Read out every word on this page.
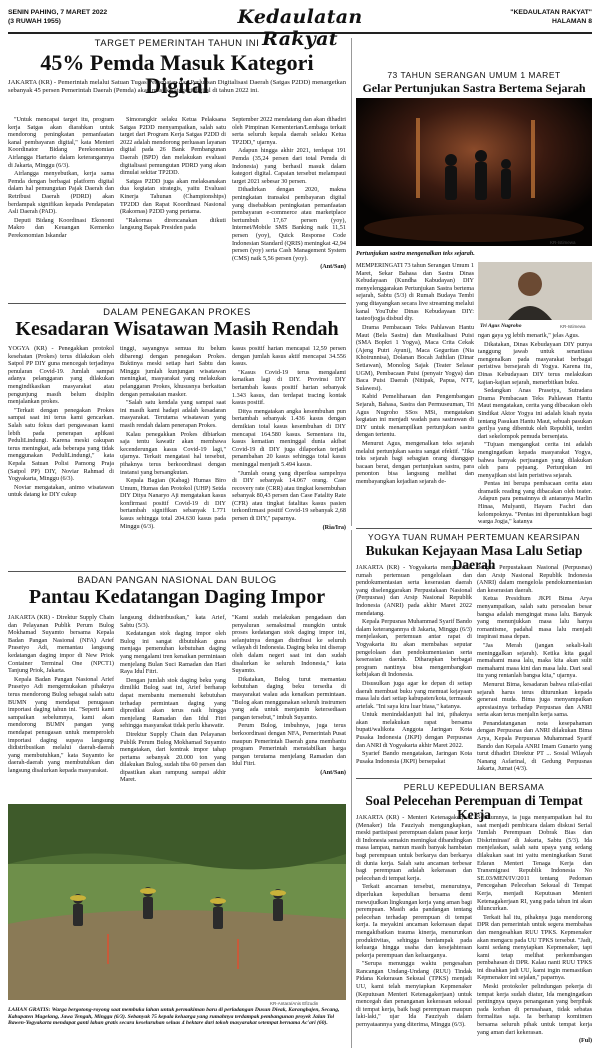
SENIN PAHING, 7 MARET 2022
(3 RUWAH 1955)	Kedaulatan Rakyat
"KEDAULATAN RAKYAT"
HALAMAN 8
TARGET PEMERINTAH TAHUN INI
45% Pemda Masuk Kategori Digital

JAKARTA (KR) - Pemerintah melalui Satuan Tugas Percepatan dan Perluasan Digitalisasi Daerah (Satgas P2DD) menargetkan sebanyak 45 persen Pemerintah Daerah (Pemda) akan masuk kategori digital di tahun 2022 ini.

"Untuk mencapai target itu, program kerja Satgas akan diarahkan untuk mendorong peningkatan pemanfaatan kanal pembayaran digital," kata Menteri Koordinator Bidang Perekonomian Airlangga Hartarto dalam keterangannya di Jakarta, Minggu (6/3).

Airlangga menyebutkan, kerja sama Pemda dengan berbagai platform digital dalam hal pemungutan Pajak Daerah dan Retribusi Daerah (PDRD) akan berdampak signifikan kepada Pendapatan Asli Daerah (PAD).

Deputi Bidang Koordinasi Ekonomi Makro dan Keuangan Kemenko Perekonomian Iskandar

Simorangkir selaku Ketua Pelaksana Satgas P2DD menyampaikan, salah satu target dari Program Kerja Satgas P2DD di 2022 adalah mendorong perluasan layanan digital pada 26 Bank Pembangunan Daerah (BPD) dan melakukan evaluasi digitalisasi pemungutan PDRD yang akan dimulai sekitar TP2DD.

Satgas P2DD juga akan melaksanakan dua kegiatan strategis, yaitu Evaluasi Kinerja Tahunan (Championships) TP2DD dan Rapat Koordinasi Nasional (Rakornas) P2DD yang pertama.

"Rakornas direncanakan diikuti langsung Bapak Presiden pada

September 2022 mendatang dan akan dihadiri oleh Pimpinan Kementerian/Lembaga terkait serta seluruh kepala daerah selaku Ketua TP2DD," ujarnya.

Adapun hingga akhir 2021, terdapat 191 Pemda (35,24 persen dari total Pemda di Indonesia) yang berhasil masuk dalam kategori digital. Capaian tersebut melampaui target 2021 sebesar 30 persen.

Dihadirkan dengan 2020, makna peningkatan transaksi pembayaran digital yang disebabkan peningkatan pemanfaatan pembayaran e-commerce atau marketplace bertumbuh 17,67 persen (yoy), Internet/Mobile SMS Banking naik 11,51 persen (yoy), Quick Response Code Indonesian Standard (QRIS) meningkat 42,94 persen (yoy) serta Cash Management System (CMS) naik 5,56 persen (yoy).

(Ant/San)

73 TAHUN SERANGAN UMUM 1 MARET
Gelar Pertunjukan Sastra Bertema Sejarah
KR-Istimewa
Pertunjukan sastra mengenalkan teks sejarah.

MEMPERINGATI 73 tahun Serangan Umum 1 Maret, Sekar Bahasa dan Sastra Dinas Kebudayaan (Kundha Kabudayan) DIY menyelenggarakan Pertunjukan Sastra bertema sejarah, Sabtu (5/3) di Rumah Budaya Tembi yang ditayangkan secara live streaming melalui kanal YouTube Dinas Kebudayaan DIY: tasteofjogja disbud diy.

Tri Agus Nugroho	KR-Istimewa

Drama Pembacaan Teks Pahlawan Hantu Maut (Bela Sastra) dan Musikalisasi Puisi (SMA Bopkri 1 Yogya), Maca Crita Cekak (Ajeng Putri Ayuni), Maca Geguritan (Nia Khoirunnisa), Dolanan Bocah Jathilan (Dinar Setiawan), Monolog Sajak (Teater Selasar UGM), Pembacaan Puisi (penyair Yogya) dan Baca Puisi Daerah (Nitipak, Papua, NTT, Sulawesi).

Kabid Pemeliharaan dan Pengembangan Sejarah, Bahasa, Sastra dan Permuseuman, Tri Agus Nugroho SSos MSi, mengatakan kegiatan ini menjadi wadah para sastrawan di DIY untuk menampilkan pertunjukan sastra dengan tertentu.

Menurut Agus, mengenalkan teks sejarah melalui pertunjukan sastra sangat efektif. "Jika teks sejarah bagi sebagian orang dianggap bacaan berat, dengan pertunjukan sastra, para penonton bisa langsung melihat dan membayangkan kejadian sejarah de-

ngan gaya yg lebih menarik," jelas Agus.

Dikatakan, Dinas Kebudayaan DIY punya tanggung jawab untuk senantiasa mengenalkan pada masyarakat berbagai peristiwa bersejarah di Yogya. Karena itu, Dinas Kebudayaan DIY terus melakukan kajian-kajian sejarah, menerbitkan buku.

Sedangkan Anas Prasetya, Sutradara Drama Pembacaan Teks Pahlawan Hantu Maut mengatakan, cerita yang dibacakan oleh Sindikat Aktor Yogya ini adalah kisah nyata tentang Pasukan Hantu Maut, sebuah pasukan gerilya yang dibentuk oleh Republik, terdiri dari sekelompok pemuda bersenjata.

"Tujuan mengangkat cerita ini adalah mengingatkan kepada masyarakat Yogya, bahwa banyak perjuangan yang dilakukan oleh para pejuang. Pertunjukan ini menyajikan sisi lain peristiwa sejarah.

Pentas ini berupa pembacaan cerita atau dramatik reading yang dibacakan oleh teater. Adapun para pemainnya di antaranya Marlin Hinaa, Mulyanti, Hayam Fachri dan kelompoknya. "Pentas ini diperuntukkan bagi warga Jogja," katanya

DALAM PENEGAKAN PROKES
Kesadaran Wisatawan Masih Rendah

YOGYA (KR) - Penegakkan protokol kesehatan (Prokes) terus dilakukan oleh Satpol PP DIY guna mencegah terjadinya penularan Covid-19. Jumlah sampai adanya pelanggaran yang dilakukan mengindikasikan masyarakat atau pengunjung masih belum disiplin menjalankan prokes.

"Terkait dengan penegakan Prokes sampai saat ini terus kami gencarkan. Salah satu fokus dari pengawasan kami lebih pada penerapan aplikasi PeduliLindungi. Karena meski cakupan terus meningkat, ada beberapa yang tidak menggunakan PeduliLindungi," kata Kepala Satuan Polisi Pamong Praja (Satpol PP) DIY, Noviar Rahmad di Yogyakarta, Minggu (6/3).

Noviar mengatakan, animo wisatawan untuk datang ke DIY cukup

tinggi, sayangnya semua itu belum dibarengi dengan penegakan Prokes. Buktinya meski setiap hari Sabtu dan Minggu jumlah kunjungan wisatawan meningkat, masyarakat yang melakukan pelanggaran Prokes, khususnya berkaitan dengan pemakaian masker.

"Salah satu kendala yang sampai saat ini masih kami hadapi adalah kesadaran masyarakat. Terutama wisatawan yang masih rendah dalam penerapan Prokes.

Kalau penegakkan Prokes dibiarkan saja tentu kawatir akan membawa kecenderungan kasus Covid-19 lagi," ujarnya. Terkait mengatasi hal tersebut, pihaknya terus berkoordinasi dengan instansi yang bersangkutan.

Kepala Bagian (Kabag) Humas Biro Umum, Humas dan Protokol (UHP) Setda DIY Ditya Nanaryo Aji mengatakan kasus konfirmasi positif Covid-19 di DIY bertambah signifikan sebanyak 1.771 kasus sehingga total 204.630 kasus pada Minggu (6/3).

kasus positif harian mencapai 12,59 persen dengan jumlah kasus aktif mencapai 34.556 kasus.

"Kasus Covid-19 terus mengalami kenaikan lagi di DIY. Provinsi DIY bertambah kasus positif harian sebanyak 1.343 kasus, dan terdapat tracing kontak kasus positif.

Ditya mengatakan angka kesembuhan pun bertambah sebanyak 1.436 kasus dengan demikian total kasus kesembuhan di DIY mencapai 164.580 kasus. Sementara itu, kasus kematian meninggal dunia akibat Covid-19 di DIY juga dilaporkan terjadi penambahan 20 kasus sehingga total kasus meninggal menjadi 5.494 kasus.

"Jumlah orang yang diperiksa sampelnya di DIY sebanyak 14.067 orang. Case recovery rate (CRR) atau tingkat kesembuhan sebanyak 80,43 persen dan Case Fatality Rate (CFR) atau tingkat fatalitas kasus pasien terkonfirmasi positif Covid-19 sebanyak 2,68 persen di DIY," paparnya.

(Ria/Ira)

BADAN PANGAN NASIONAL DAN BULOG
Pantau Kedatangan Daging Impor

JAKARTA (KR) - Direktur Supply Chain dan Pelayanan Publik Perum Bulog Mokhamad Suyamto bersama Kepala Badan Pangan Nasional (NFA) Arief Prasetyo Adi, memantau langsung kedatangan daging impor di New Priok Container Terminal One (NPCT1) Tanjung Priok, Jakarta.

Kepala Badan Pangan Nasional Arief Prasetyo Adi mengemukakan pihaknya terus mendorong Bulog sebagai salah satu BUMN yang mendapat penugasan importasi daging tahun ini. "Seperti kami sampaikan sebelumnya, kami akan mendorong BUMN pangan yang mendapat penugasan untuk memperoleh importasi daging supaya langsung didistribusikan melalui daerah-daerah yang membutuhkan," kata Suyamto ke daerah-daerah yang membutuhkan dan langsung disalurkan kepada masyarakat.

langsung didistribusikan," kata Arief, Sabtu (5/3).

Kedatangan stok daging impor oleh Bulog ini sangat dibutuhkan guna menjaga pemenuhan kebutuhan daging yang mengalami tren kenaikan permintaan menjelang Bulan Suci Ramadan dan Hari Raya Idul Fitri.

Dengan jumlah stok daging beku yang dimiliki Bulog saat ini, Arief berharap dapat membantu memenuhi kebutuhan terhadap permintaan daging yang diprediksi akan terus naik hingga menjelang Ramadan dan Idul Fitri sehingga masyarakat tidak perlu khawatir.

Direktur Supply Chain dan Pelayanan Publik Perum Bulog Mokhamad Suyamto mengatakan, dari kontrak impor tahap pertama sebanyak 20.000 ton yang dilakukan Bulog, sudah tiba 60 persen dan dipastikan akan rampung sampai akhir Maret.

"Kami sudah melakukan pengadaan dan penyaluran semaksimal mungkin untuk proses kedatangan stok daging impor ini, selanjutnya dengan distribusi ke seluruh wilayah di Indonesia. Daging beku ini diserap oleh dalam negeri saat ini dan sudah disalurkan ke seluruh Indonesia," kata Suyamto.

Dikatakan, Bulog turut memantau kebutuhan daging beku tersedia di masyarakat walau ada kenaikan permintaan. "Bulog akan menggunakan seluruh instrumen yang ada untuk menjamin ketersediaan pangan tersebut," imbuh Suyamto.

Perum Bulog, imbuhnya, juga terus berkoordinasi dengan NFA, Pemerintah Pusat maupun Pemerintah Daerah guna membantu program Pemerintah menstabilkan harga pangan terutama menjelang Ramadan dan Idul Fitri.

(Ant/San)

KR-Antara/Anis Efizudin
LAHAN GRATIS: Warga bergotong-royong saat membuka lahan untuk permakiman baru di perladangan Dusun Dieak, Karangbajen, Secang, Kabupaten Magelang, Jawa Tengah, Minggu (6/3). Sebanyak 75 kepala keluarga yang rumahnya terdampak pembangunan proyek Jalan Tol Bawen-Yogyakarta mendapat ganti lahan gratis secara keseluruhan seluas 4 hektare dari tokoh masyarakat setempat bernama Ac'ari (60).
YOGYA TUAN RUMAH PERTEMUAN KEARSIPAN
Bukukan Kejayaan Masa Lalu Setiap Daerah

JAKARTA (KR) - Yogyakarta mengadakan rumah pertemuan pengelolaan dan pendokumentasian serta keserasian daerah yang diselenggarakan Perpustakaan Nasional (Perpusnas) dan Arsip Nasional Republik Indonesia (ANRI) pada akhir Maret 2022 mendatang.

Kepala Perpusnas Muhammad Syarif Bando dalam keterangannya di Jakarta, Minggu (6/3) menjelaskan, pertemuan antar rapat di Yogyakarta itu akan membahas seputar pengelolaan dan pendokumentasian serta keserasian daerah. Diharapkan berbagai program nantinya bisa mengembangkan kebijakan di Indonesia.

Disusulkan juga agar ke depan di setiap daerah membuat buku yang memuat kejayaan masa lalu dari setiap kabupaten/kota, termasuk artefak. "Ini saya kira luar biasa," katanya.

Untuk menindaklanjuti hal ini, pihaknya akan melakukan rapat bersama bupati/walikota Anggota Jaringan Kota Pusaka Indonesia (JKPI) dengan Perpusnas dan ANRI di Yogyakarta akhir Maret 2022.

Syarief Bando mengatakan, Jaringan Kota Pusaka Indonesia (JKPI) bersepakat

dengan Perpustakaan Nasional (Perpusnas) dan Arsip Nasional Republik Indonesia (ANRI) dalam mengelola pendokumentasian dan keserasian daerah.

Ketua Presidium JKPI Bima Arya menyampaikan, salah satu persoalan besar bangsa adalah mengingat masa lalu. Banyak yang menunjukkan masa lalu hanya romantisme, padahal masa lalu menjadi inspirasi masa depan.

"Jas Merah (jangan sekali-kali meninggalkan sejarah). Ketika kita gagal memahami masa lalu, maka kita akan sulit memahami masa kini dan masa lalu. Dari seal itu yang rentanlah bangsa kita," ujarnya.

Menurut Bima, kesadaran bahwa nilai-nilai sejarah harus terus diturunkan kepada generasi muda. Bima juga menyampaikan apresiasinya terhadap Perpusnas dan ANRI serta akan terus menjalin kerja sama.

Penandatanganan nota kesepahaman dengan Perpusnas dan ANRI dilakukan Bima Arya, Kepala Perpusnas Muhammad Syarif Bando dan Kepala ANRI Imam Gunarto yang turut dihadiri Direktur PT ... Sosial Wilayah Nanang Asfarinal, di Gedung Perpusnas Jakarta, Jumat (4/3).

PERLU KEPEDULIAN BERSAMA
Soal Pelecehan Perempuan di Tempat Kerja

JAKARTA (KR) - Menteri Ketenagakerjaan (Menaker) Ida Fauziyah mengungkapkan, meski partisipasi perempuan dalam pasar kerja di Indonesia semakin meningkat dibandingkan masa lampau, namun masih banyak hambatan bagi perempuan untuk berkarya dan berkarya di dunia kerja. Salah satu ancaman terbesar bagi perempuan adalah kekerasan dan pelecehan di tempat kerja.

Terkait ancaman tersebut, menurutnya, diperlukan kepedulian bersama demi mewujudkan lingkungan kerja yang aman bagi perempuan. Masih ada pandangan tentang pelecehan terhadap perempuan di tempat kerja. Ia meyakini ancaman kekerasan dapat mengakibatkan trauma kinerja, menurunkan produktivitas, sehingga berdampak pada keluarga hingga usaha dan kesejahteraan pekerja perempuan dan keluarganya.

"Serupa menunggu waktu pengesahan Rancangan Undang-Undang (RUU) Tindak Pidana Kekerasan Seksual (TPKS) menjadi UU, kami telah menyiapkan Kepmenaker (Keputusan Menteri Ketenagakerjaan) untuk mencegah dan penanganan kekerasan seksual di tempat kerja, baik bagi perempuan maupun laki-laki," ujar Ida Fauziyah dalam pernyataannya yang diterima, Minggu (6/3).

Sebelumnya, ia juga menyampaikan hal itu saat menjadi pembicara dalam diskusi Serial 'Jumlah Perempuan Dobrak Bias dan Diskriminasi' di Jakarta, Sabtu (5/3). Ida menjelaskan, salah satu upaya yang sedang dilakukan saat ini yaitu meningkatkan Surat Edaran Menteri Tenaga Kerja dan Transmigrasi Republik Indonesia No SE.03/MEN/IV/2011 tentang Pedoman Pencegahan Pelecehan Seksual di Tempat Kerja, menjadi Keputusan Menteri Ketenagakerjaan RI, yang pada tahun ini akan diluncurkan.

Terkait hal itu, pihaknya juga mendorong DPR dan pemerintah untuk segera membahas dan mengesahkan RUU TPKS. Kepmenaker akan mengacu pada UU TPKS tersebut. "Jadi, kami sedang menyiapkan Kepmenaker, tapi kami tetap melihat perkembangan pembahasan di DPR. Kalau nanti RUU TPKS ini disahkan jadi UU, kami ingin memastikan Kepmenaker ini sejalan," paparnya.

Meski protokoler pelindungan pekerja di tempat kerja sudah diatur, Ida mengingatkan pentingnya upaya penanganan yang berpihak pada korban di perusahaan, tidak sebatas formalitas saja. Ia berharap komitmen bersama seluruh pihak untuk tempat kerja yang aman dari kekerasan.

(Ful)
